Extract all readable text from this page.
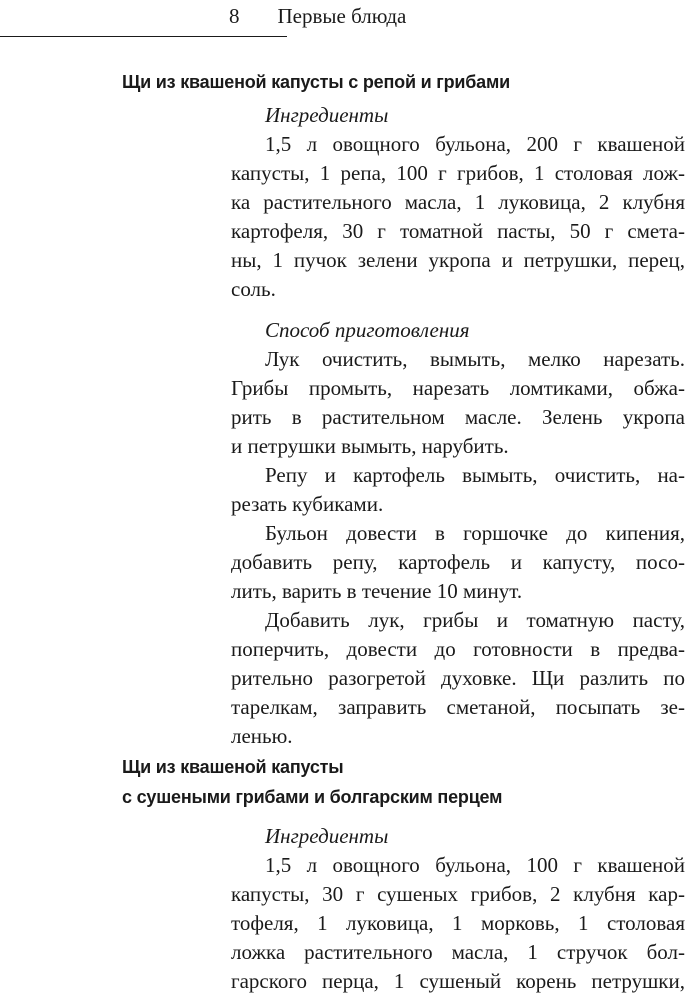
8 Первые блюда
Щи из квашеной капусты с репой и грибами
Ингредиенты
1,5 л овощного бульона, 200 г квашеной
капусты, 1 репа, 100 г грибов, 1 столовая лож-
ка растительного масла, 1 луковица, 2 клубня
картофеля, 30 г томатной пасты, 50 г смета-
ны, 1 пучок зелени укропа и петрушки, перец,
соль.
Способ приготовления
Лук очистить, вымыть, мелко нарезать.
Грибы промыть, нарезать ломтиками, обжа-
рить в растительном масле. Зелень укропа
и петрушки вымыть, нарубить.
Репу и картофель вымыть, очистить, на-
резать кубиками.
Бульон довести в горшочке до кипения,
добавить репу, картофель и капусту, посо-
лить, варить в течение 10 минут.
Добавить лук, грибы и томатную пасту,
поперчить, довести до готовности в предва-
рительно разогретой духовке. Щи разлить по
тарелкам, заправить сметаной, посыпать зе-
ленью.
Щи из квашеной капусты
с сушеными грибами и болгарским перцем
Ингредиенты
1,5 л овощного бульона, 100 г квашеной
капусты, 30 г сушеных грибов, 2 клубня кар-
тофеля, 1 луковица, 1 морковь, 1 столовая
ложка растительного масла, 1 стручок бол-
гарского перца, 1 сушеный корень петрушки,
